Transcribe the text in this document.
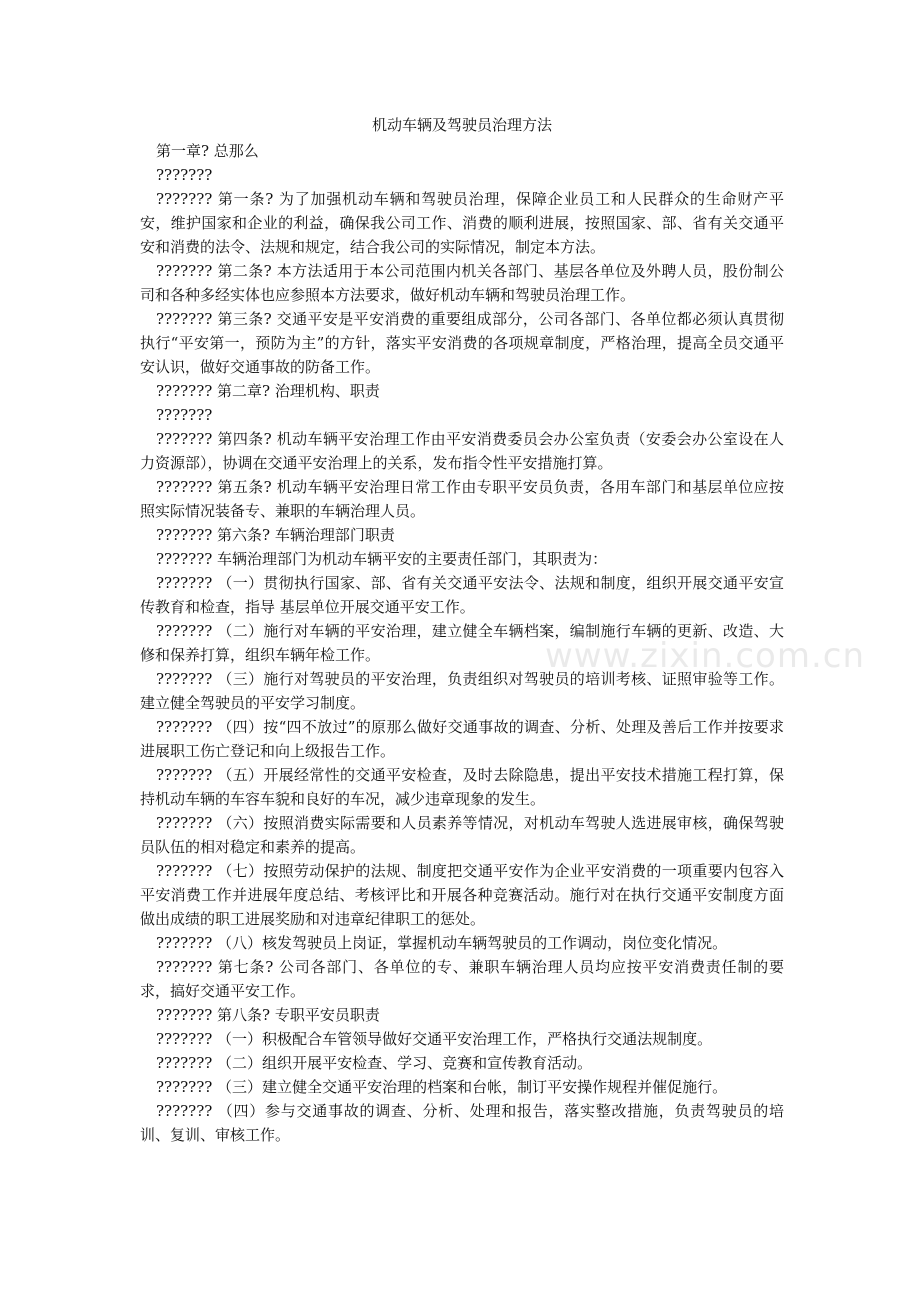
机动车辆及驾驶员治理方法

第一章? 总那么

???????

??????? 第一条? 为了加强机动车辆和驾驶员治理，保障企业员工和人民群众的生命财产平安，维护国家和企业的利益，确保我公司工作、消费的顺利进展，按照国家、部、省有关交通平安和消费的法令、法规和规定，结合我公司的实际情况，制定本方法。

??????? 第二条? 本方法适用于本公司范围内机关各部门、基层各单位及外聘人员，股份制公司和各种多经实体也应参照本方法要求，做好机动车辆和驾驶员治理工作。

??????? 第三条? 交通平安是平安消费的重要组成部分，公司各部门、各单位都必须认真贯彻执行“平安第一，预防为主”的方针，落实平安消费的各项规章制度，严格治理，提高全员交通平安认识，做好交通事故的防备工作。

??????? 第二章? 治理机构、职责

???????

??????? 第四条? 机动车辆平安治理工作由平安消费委员会办公室负责（安委会办公室设在人力资源部），协调在交通平安治理上的关系，发布指令性平安措施打算。

??????? 第五条? 机动车辆平安治理日常工作由专职平安员负责，各用车部门和基层单位应按照实际情况装备专、兼职的车辆治理人员。

??????? 第六条? 车辆治理部门职责

??????? 车辆治理部门为机动车辆平安的主要责任部门，其职责为：

??????? （一）贯彻执行国家、部、省有关交通平安法令、法规和制度，组织开展交通平安宣传教育和检查，指导 基层单位开展交通平安工作。

??????? （二）施行对车辆的平安治理，建立健全车辆档案，编制施行车辆的更新、改造、大修和保养打算，组织车辆年检工作。

??????? （三）施行对驾驶员的平安治理，负责组织对驾驶员的培训考核、证照审验等工作。建立健全驾驶员的平安学习制度。

??????? （四）按“四不放过”的原那么做好交通事故的调查、分析、处理及善后工作并按要求进展职工伤亡登记和向上级报告工作。

??????? （五）开展经常性的交通平安检查，及时去除隐患，提出平安技术措施工程打算，保持机动车辆的车容车貌和良好的车况，减少违章现象的发生。

??????? （六）按照消费实际需要和人员素养等情况，对机动车驾驶人选进展审核，确保驾驶员队伍的相对稳定和素养的提高。

??????? （七）按照劳动保护的法规、制度把交通平安作为企业平安消费的一项重要内包容入平安消费工作并进展年度总结、考核评比和开展各种竞赛活动。施行对在执行交通平安制度方面做出成绩的职工进展奖励和对违章纪律职工的惩处。

??????? （八）核发驾驶员上岗证，掌握机动车辆驾驶员的工作调动，岗位变化情况。

??????? 第七条? 公司各部门、各单位的专、兼职车辆治理人员均应按平安消费责任制的要求，搞好交通平安工作。

??????? 第八条? 专职平安员职责

??????? （一）积极配合车管领导做好交通平安治理工作，严格执行交通法规制度。

??????? （二）组织开展平安检查、学习、竞赛和宣传教育活动。

??????? （三）建立健全交通平安治理的档案和台帐，制订平安操作规程并催促施行。

??????? （四）参与交通事故的调查、分析、处理和报告，落实整改措施，负责驾驶员的培训、复训、审核工作。

www.zixin.com.cn
